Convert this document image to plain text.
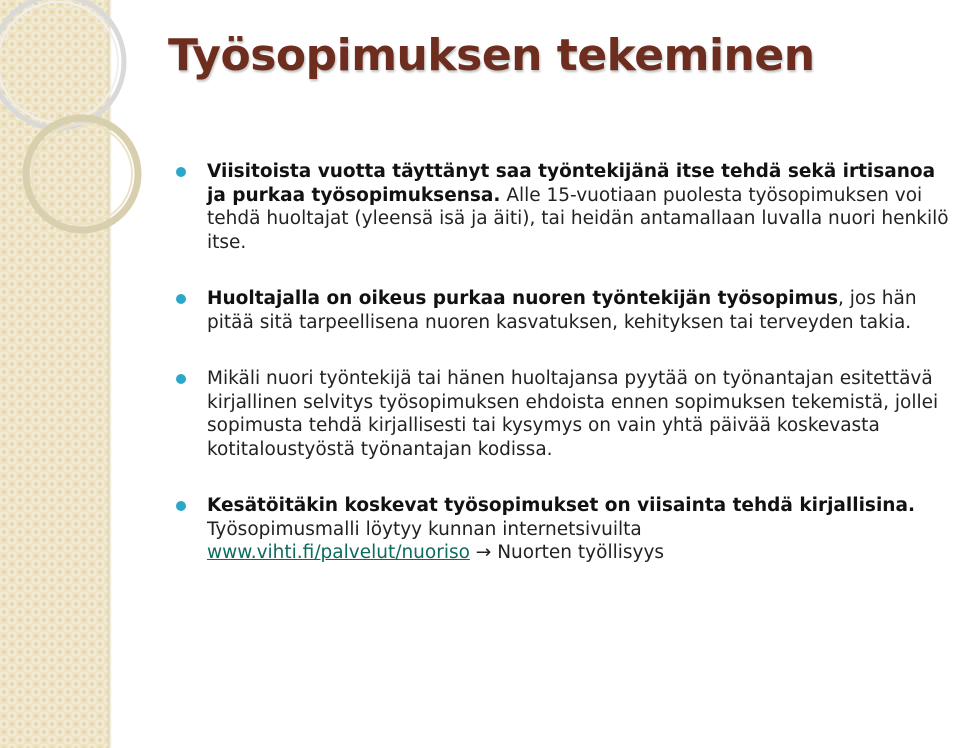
Työsopimuksen tekeminen
Viisitoista vuotta täyttänyt saa työntekijänä itse tehdä sekä irtisanoa ja purkaa työsopimuksensa. Alle 15-vuotiaan puolesta työsopimuksen voi tehdä huoltajat (yleensä isä ja äiti), tai heidän antamallaan luvalla nuori henkilö itse.
Huoltajalla on oikeus purkaa nuoren työntekijän työsopimus, jos hän pitää sitä tarpeellisena nuoren kasvatuksen, kehityksen tai terveyden takia.
Mikäli nuori työntekijä tai hänen huoltajansa pyytää on työnantajan esitettävä kirjallinen selvitys työsopimuksen ehdoista ennen sopimuksen tekemistä, jollei sopimusta tehdä kirjallisesti tai kysymys on vain yhtä päivää koskevasta kotitaloustyöstä työnantajan kodissa.
Kesätöitäkin koskevat työsopimukset on viisainta tehdä kirjallisina.
Työsopimusmalli löytyy kunnan internetsivuilta
www.vihti.fi/palvelut/nuoriso → Nuorten työllisyys
